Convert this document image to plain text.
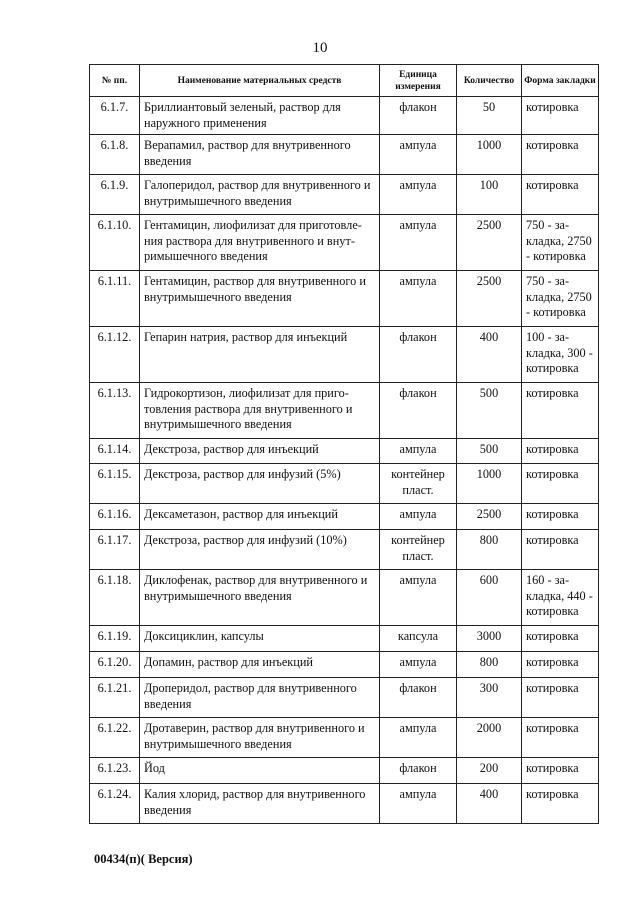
10
№ пп.	Наименование материальных средств	Единица измерения	Количество	Форма закладки
6.1.7.	Бриллиантовый зеленый, раствор для наружного применения	флакон	50	котировка
6.1.8.	Верапамил, раствор для внутривенного введения	ампула	1000	котировка
6.1.9.	Галоперидол, раствор для внутривенного и внутримышечного введения	ампула	100	котировка
6.1.10.	Гентамицин, лиофилизат для приготовле-ния раствора для внутривенного и внут-римышечного введения	ампула	2500	750 - за-кладка, 2750 - котировка
6.1.11.	Гентамицин, раствор для внутривенного и внутримышечного введения	ампула	2500	750 - за-кладка, 2750 - котировка
6.1.12.	Гепарин натрия, раствор для инъекций	флакон	400	100 - за-кладка, 300 - котировка
6.1.13.	Гидрокортизон, лиофилизат для приго-товления раствора для внутривенного и внутримышечного введения	флакон	500	котировка
6.1.14.	Декстроза, раствор для инъекций	ампула	500	котировка
6.1.15.	Декстроза, раствор для инфузий (5%)	контейнер пласт.	1000	котировка
6.1.16.	Дексаметазон, раствор для инъекций	ампула	2500	котировка
6.1.17.	Декстроза, раствор для инфузий (10%)	контейнер пласт.	800	котировка
6.1.18.	Диклофенак, раствор для внутривенного и внутримышечного введения	ампула	600	160 - за-кладка, 440 - котировка
6.1.19.	Доксициклин, капсулы	капсула	3000	котировка
6.1.20.	Допамин, раствор для инъекций	ампула	800	котировка
6.1.21.	Дроперидол, раствор для внутривенного введения	флакон	300	котировка
6.1.22.	Дротаверин, раствор для внутривенного и внутримышечного введения	ампула	2000	котировка
6.1.23.	Йод	флакон	200	котировка
6.1.24.	Калия хлорид, раствор для внутривенного введения	ампула	400	котировка
00434(п)( Версия)
